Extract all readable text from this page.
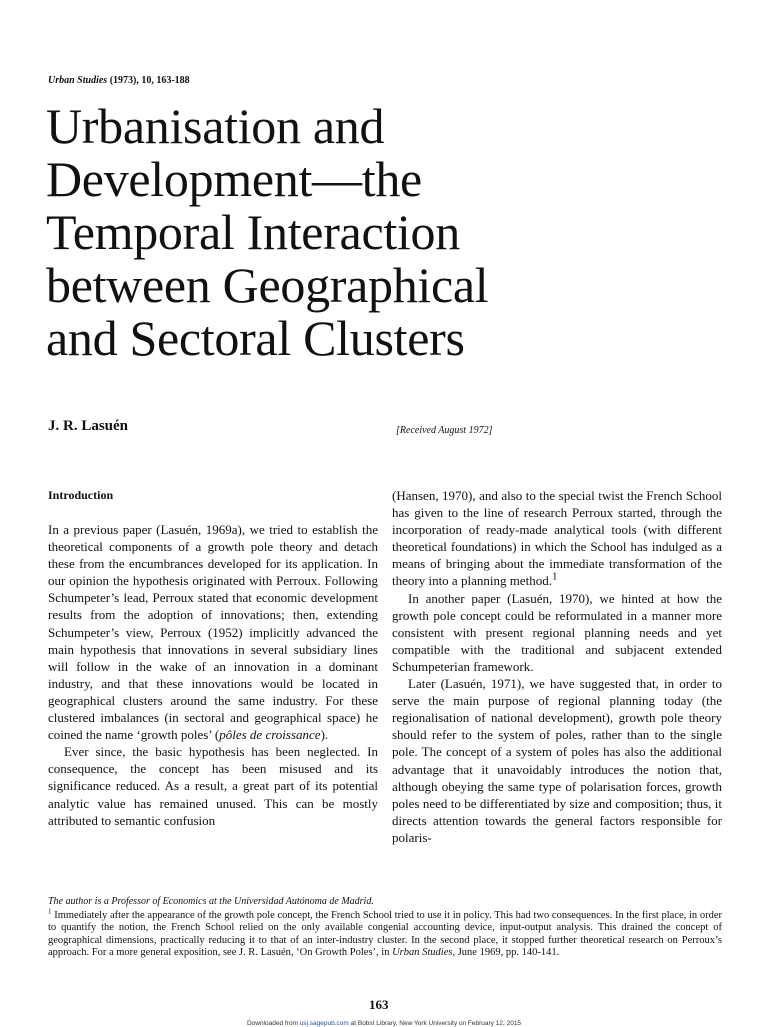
Urban Studies (1973), 10, 163-188
Urbanisation and
Development—the
Temporal Interaction
between Geographical
and Sectoral Clusters
J. R. Lasuén	[Received August 1972]
Introduction

In a previous paper (Lasuén, 1969a), we tried to establish the theoretical components of a growth pole theory and detach these from the encumbrances developed for its application. In our opinion the hypothesis originated with Perroux. Following Schumpeter’s lead, Perroux stated that economic development results from the adoption of innovations; then, extending Schumpeter’s view, Perroux (1952) implicitly advanced the main hypothesis that innovations in several subsidiary lines will follow in the wake of an innovation in a dominant industry, and that these innovations would be located in geographical clusters around the same industry. For these clustered imbalances (in sectoral and geographical space) he coined the name ‘growth poles’ (pôles de croissance).

Ever since, the basic hypothesis has been neglected. In consequence, the concept has been misused and its significance reduced. As a result, a great part of its potential analytic value has remained unused. This can be mostly attributed to semantic confusion

(Hansen, 1970), and also to the special twist the French School has given to the line of research Perroux started, through the incorporation of ready-made analytical tools (with different theoretical foundations) in which the School has indulged as a means of bringing about the immediate transformation of the theory into a planning method.$^1$

In another paper (Lasuén, 1970), we hinted at how the growth pole concept could be reformulated in a manner more consistent with present regional planning needs and yet compatible with the traditional and subjacent extended Schumpeterian framework.

Later (Lasuén, 1971), we have suggested that, in order to serve the main purpose of regional planning today (the regionalisation of national development), growth pole theory should refer to the system of poles, rather than to the single pole. The concept of a system of poles has also the additional advantage that it unavoidably introduces the notion that, although obeying the same type of polarisation forces, growth poles need to be differentiated by size and composition; thus, it directs attention towards the general factors responsible for polaris-

The author is a Professor of Economics at the Universidad Autónoma de Madrid.

$^1$ Immediately after the appearance of the growth pole concept, the French School tried to use it in policy. This had two consequences. In the first place, in order to quantify the notion, the French School relied on the only available congenial accounting device, input-output analysis. This drained the concept of geographical dimensions, practically reducing it to that of an inter-industry cluster. In the second place, it stopped further theoretical research on Perroux’s approach. For a more general exposition, see J. R. Lasuén, ‘On Growth Poles’, in Urban Studies, June 1969, pp. 140-141.

163
Downloaded from usj.sagepub.com at Bobst Library, New York University on February 12, 2015
